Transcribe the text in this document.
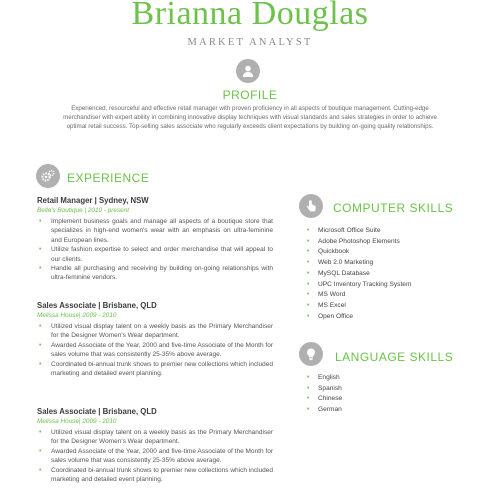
Brianna Douglas
MARKET ANALYST
PROFILE
Experienced, resourceful and effective retail manager with proven proficiency in all aspects of boutique management. Cutting-edge merchandiser with expert ability in combining innovative display techniques with visual standards and sales strategies in order to achieve optimal retail success. Top-selling sales associate who regularly exceeds client expectations by building on-going quality relationships.
EXPERIENCE
Retail Manager | Sydney, NSW
Bella's Boutique | 2010 - present
• Implement business goals and manage all aspects of a boutique store that specializes in high-end women's wear with an emphasis on ultra-feminine and European lines.
• Utilize fashion expertise to select and order merchandise that will appeal to our clients.
• Handle all purchasing and receiving by building on-going relationships with ultra-feminine vendors.
Sales Associate | Brisbane, QLD
Melissa House| 2009 - 2010
• Utilized visual display talent on a weekly basis as the Primary Merchandiser for the Designer Women's Wear department.
• Awarded Associate of the Year, 2000 and five-time Associate of the Month for sales volume that was consistently 25-35% above average.
• Coordinated bi-annual trunk shows to premier new collections which included marketing and detailed event planning.
Sales Associate | Brisbane, QLD
Melissa House| 2009 - 2010
• Utilized visual display talent on a weekly basis as the Primary Merchandiser for the Designer Women's Wear department.
• Awarded Associate of the Year, 2000 and five-time Associate of the Month for sales volume that was consistently 25-35% above average.
• Coordinated bi-annual trunk shows to premier new collections which included marketing and detailed event planning.
COMPUTER SKILLS
• Microsoft Office Suite
• Adobe Photoshop Elements
• Quickbook
• Web 2.0 Marketing
• MySQL Database
• UPC Inventory Tracking System
• MS Word
• MS Excel
• Open Office
LANGUAGE SKILLS
• English
• Spanish
• Chinese
• German
